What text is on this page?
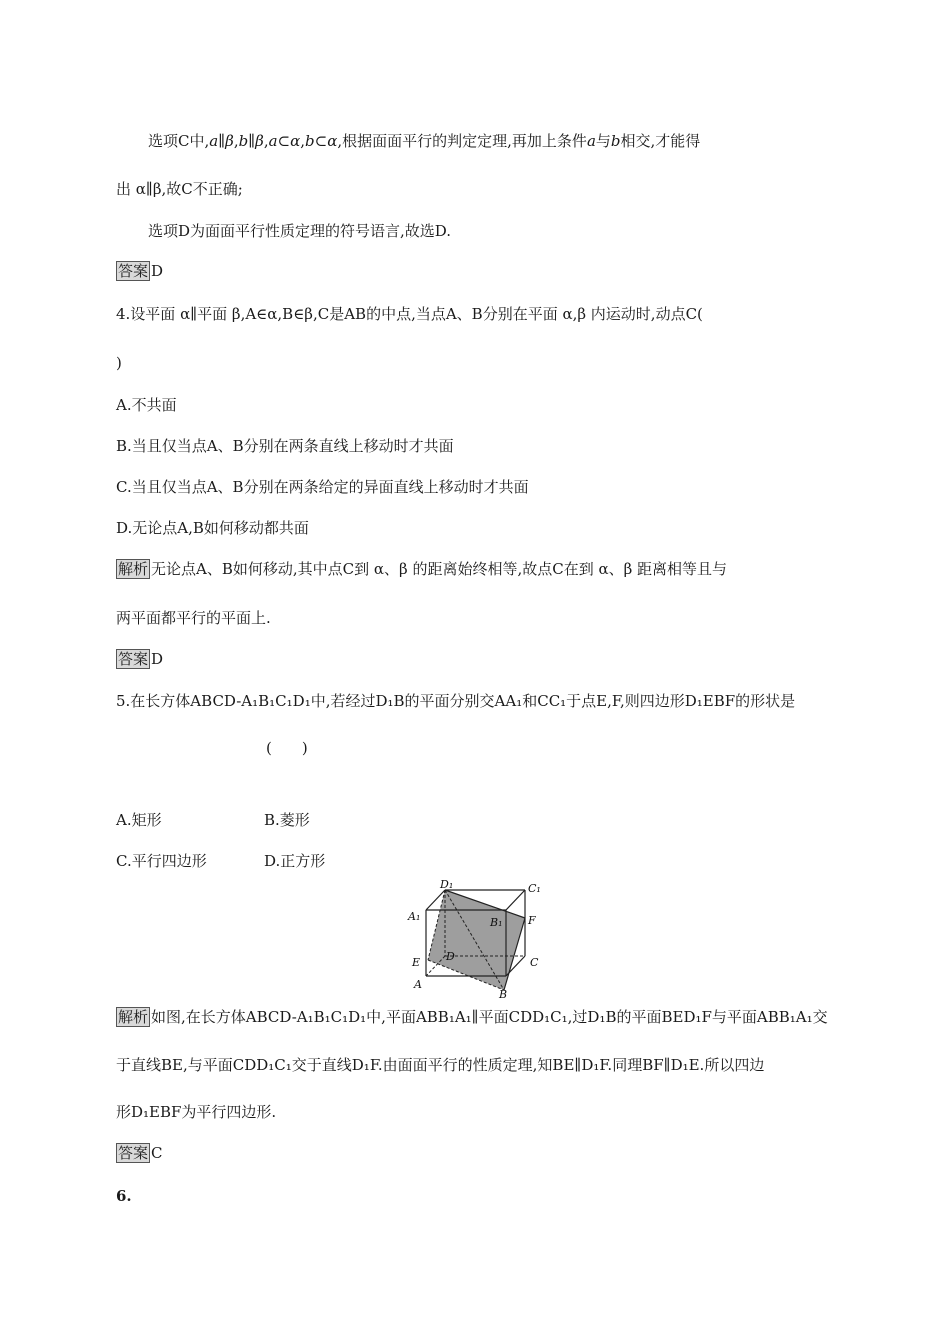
选项C中,a∥β,b∥β,a⊂α,b⊂α,根据面面平行的判定定理,再加上条件a与b相交,才能得
出 α∥β,故C不正确;
选项D为面面平行性质定理的符号语言,故选D.
答案 D
4.设平面 α∥平面 β,A∈α,B∈β,C是AB的中点,当点A、B分别在平面 α,β 内运动时,动点C(
)
A.不共面
B.当且仅当点A、B分别在两条直线上移动时才共面
C.当且仅当点A、B分别在两条给定的异面直线上移动时才共面
D.无论点A,B如何移动都共面
解析 无论点A、B如何移动,其中点C到 α、β 的距离始终相等,故点C在到 α、β 距离相等且与
两平面都平行的平面上.
答案 D
5.在长方体ABCD-A₁B₁C₁D₁中,若经过D₁B的平面分别交AA₁和CC₁于点E,F,则四边形D₁EBF的形状是
(　　)
A.矩形	B.菱形
C.平行四边形	D.正方形
D₁	C₁
A₁	B₁ F
E D	C
A
B
解析 如图,在长方体ABCD-A₁B₁C₁D₁中,平面ABB₁A₁∥平面CDD₁C₁,过D₁B的平面BED₁F与平面ABB₁A₁交
于直线BE,与平面CDD₁C₁交于直线D₁F.由面面平行的性质定理,知BE∥D₁F.同理BF∥D₁E.所以四边
形D₁EBF为平行四边形.
答案 C
6.
